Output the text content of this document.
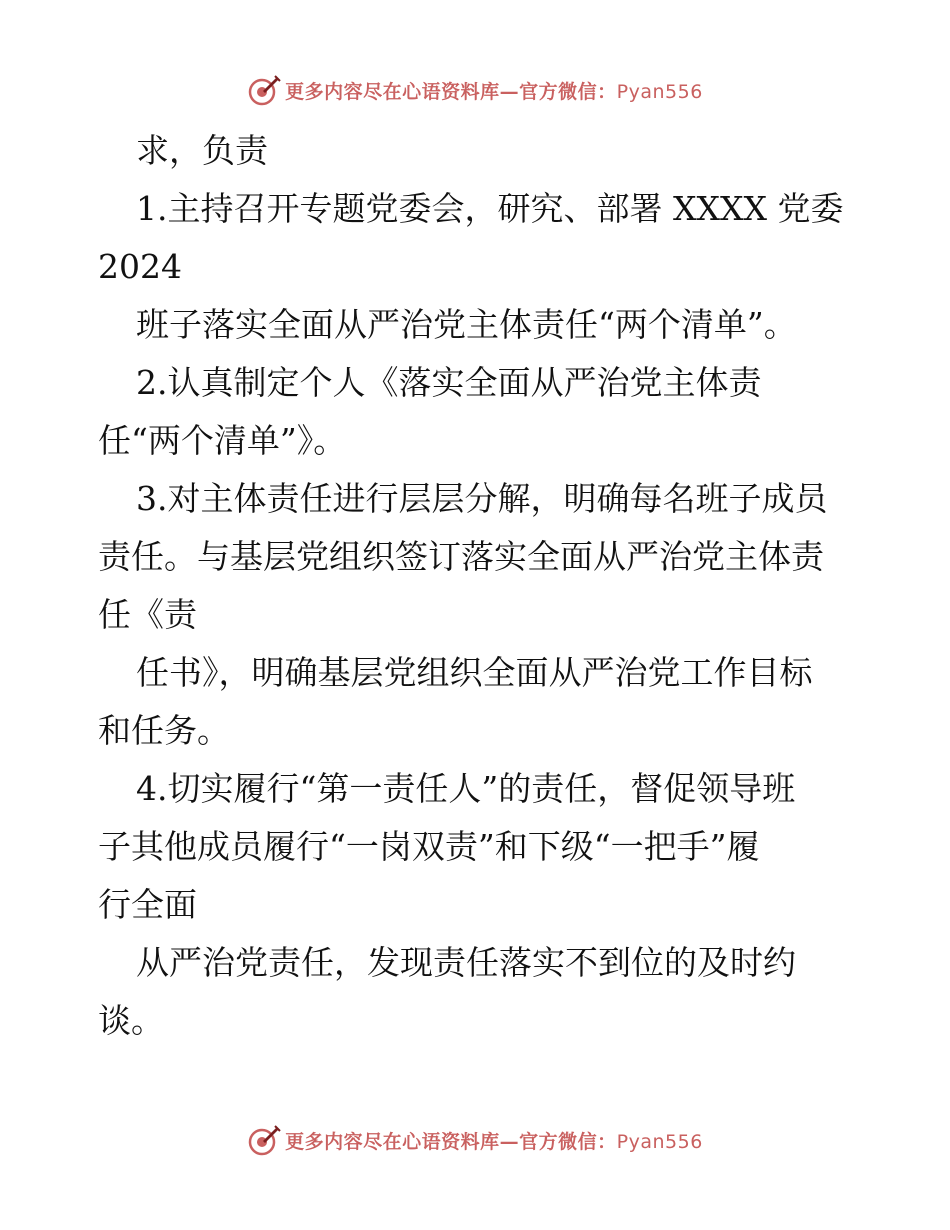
更多内容尽在心语资料库—官方微信：Pyan556
求，负责
1.主持召开专题党委会，研究、部署 XXXX 党委
2024
班子落实全面从严治党主体责任“两个清单”。
2.认真制定个人《落实全面从严治党主体责
任“两个清单”》。
3.对主体责任进行层层分解，明确每名班子成员
责任。与基层党组织签订落实全面从严治党主体责
任《责
任书》，明确基层党组织全面从严治党工作目标
和任务。
4.切实履行“第一责任人”的责任，督促领导班
子其他成员履行“一岗双责”和下级“一把手”履
行全面
从严治党责任，发现责任落实不到位的及时约
谈。
更多内容尽在心语资料库—官方微信：Pyan556
